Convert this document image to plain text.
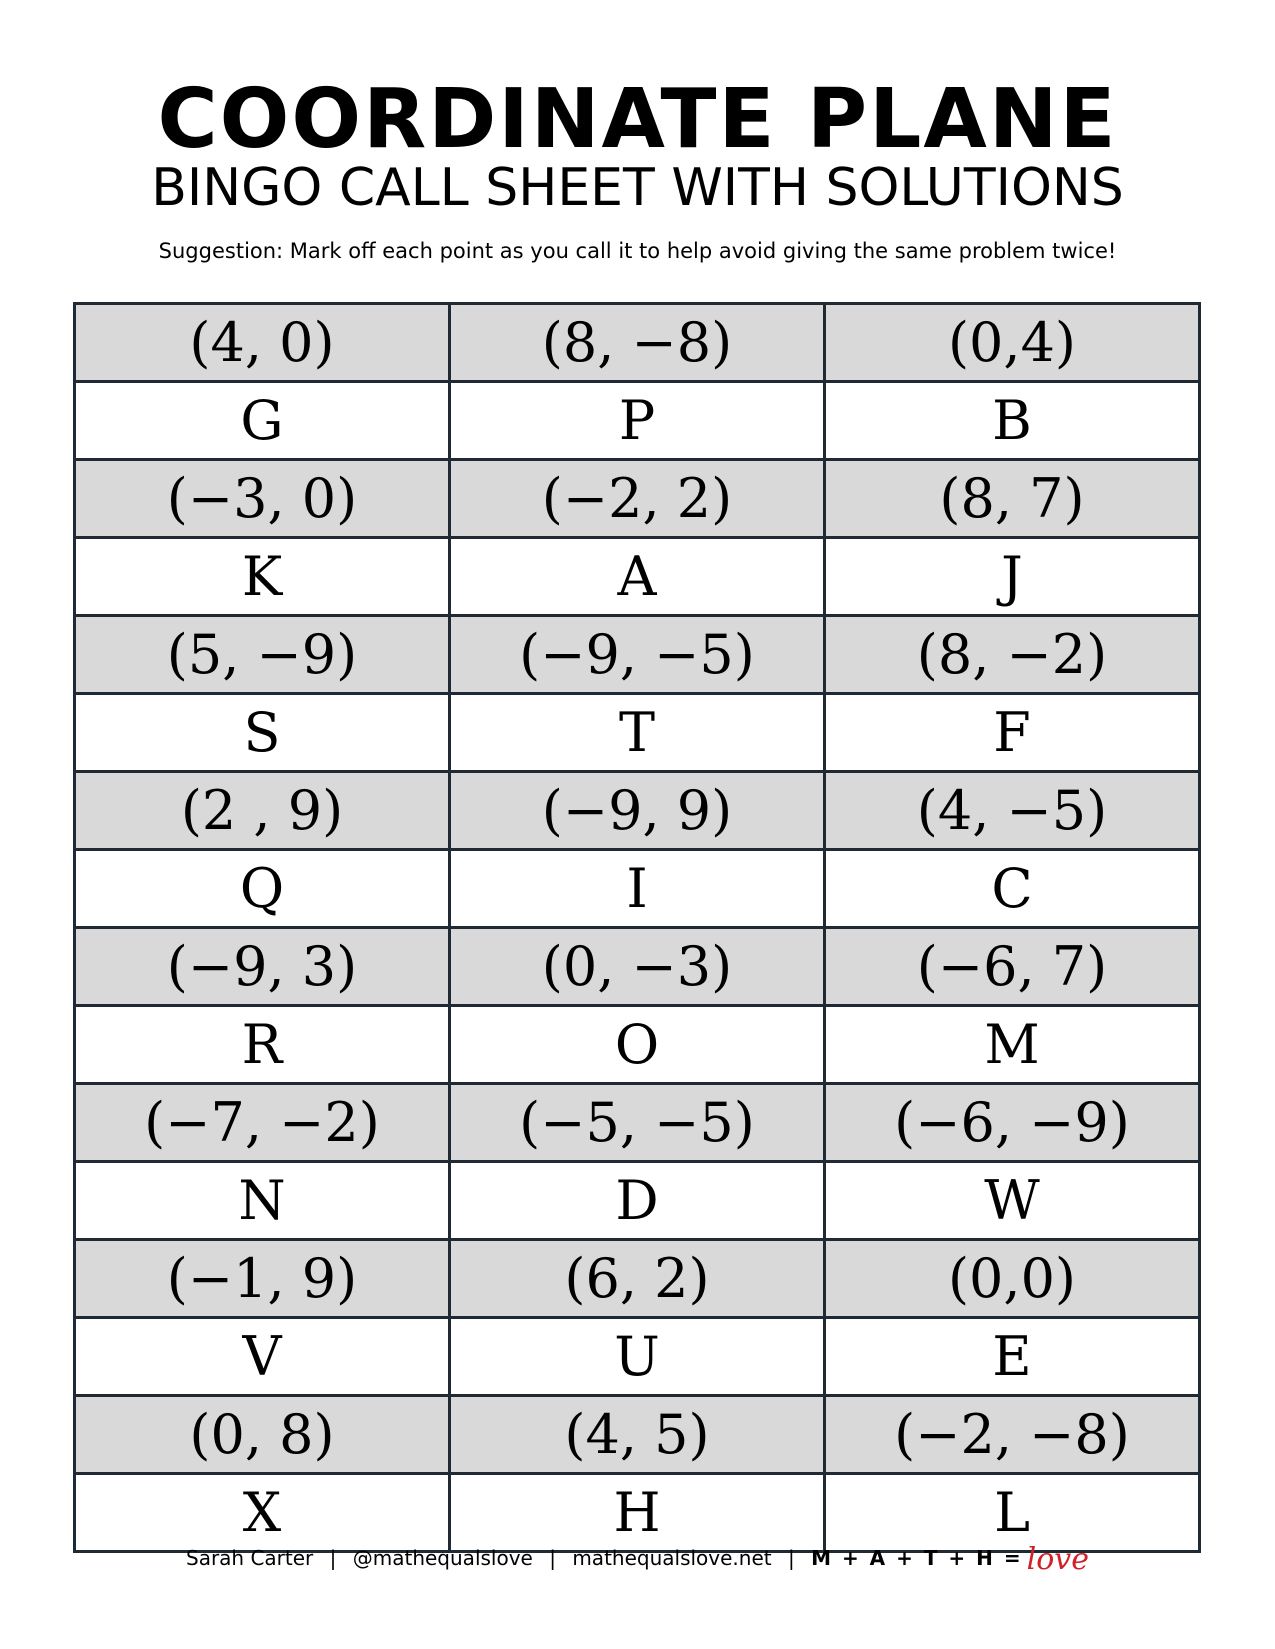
COORDINATE PLANE
BINGO CALL SHEET WITH SOLUTIONS
Suggestion: Mark off each point as you call it to help avoid giving the same problem twice!
(4, 0)	(8, −8)	(0,4)
G	P	B
(−3, 0)	(−2, 2)	(8, 7)
K	A	J
(5, −9)	(−9, −5)	(8, −2)
S	T	F
(2 , 9)	(−9, 9)	(4, −5)
Q	I	C
(−9, 3)	(0, −3)	(−6, 7)
R	O	M
(−7, −2)	(−5, −5)	(−6, −9)
N	D	W
(−1, 9)	(6, 2)	(0,0)
V	U	E
(0, 8)	(4, 5)	(−2, −8)
X	H	L
Sarah Carter | @mathequalslove | mathequalslove.net | M + A + T + H = love
